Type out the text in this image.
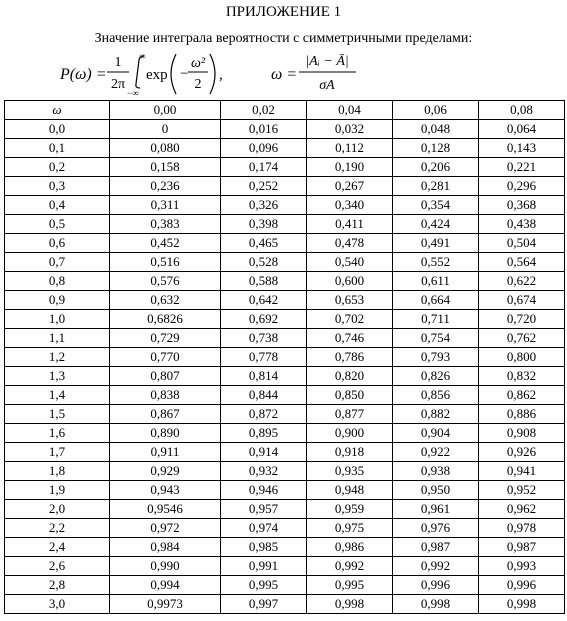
ПРИЛОЖЕНИЕ 1
Значение интеграла вероятности с симметричными пределами:
P(ω) =
1
2π
∞
−∞
exp −
ω²
2
,	ω =
|Aᵢ − Ā|
σA
ω	0,00	0,02	0,04	0,06	0,08
0,0	0	0,016	0,032	0,048	0,064
0,1	0,080	0,096	0,112	0,128	0,143
0,2	0,158	0,174	0,190	0,206	0,221
0,3	0,236	0,252	0,267	0,281	0,296
0,4	0,311	0,326	0,340	0,354	0,368
0,5	0,383	0,398	0,411	0,424	0,438
0,6	0,452	0,465	0,478	0,491	0,504
0,7	0,516	0,528	0,540	0,552	0,564
0,8	0,576	0,588	0,600	0,611	0,622
0,9	0,632	0,642	0,653	0,664	0,674
1,0	0,6826	0,692	0,702	0,711	0,720
1,1	0,729	0,738	0,746	0,754	0,762
1,2	0,770	0,778	0,786	0,793	0,800
1,3	0,807	0,814	0,820	0,826	0,832
1,4	0,838	0,844	0,850	0,856	0,862
1,5	0,867	0,872	0,877	0,882	0,886
1,6	0,890	0,895	0,900	0,904	0,908
1,7	0,911	0,914	0,918	0,922	0,926
1,8	0,929	0,932	0,935	0,938	0,941
1,9	0,943	0,946	0,948	0,950	0,952
2,0	0,9546	0,957	0,959	0,961	0,962
2,2	0,972	0,974	0,975	0,976	0,978
2,4	0,984	0,985	0,986	0,987	0,987
2,6	0,990	0,991	0,992	0,992	0,993
2,8	0,994	0,995	0,995	0,996	0,996
3,0	0,9973	0,997	0,998	0,998	0,998
